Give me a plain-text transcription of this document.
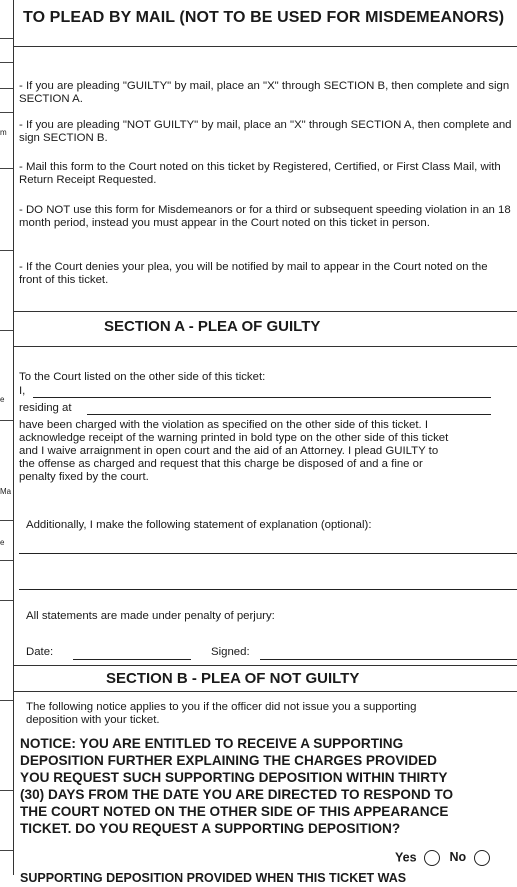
m
e
Ma
e
TO PLEAD BY MAIL (NOT TO BE USED FOR MISDEMEANORS)
- If you are pleading "GUILTY" by mail, place an "X" through SECTION B, then complete and sign SECTION A.
- If you are pleading "NOT GUILTY" by mail, place an "X" through SECTION A, then complete and sign SECTION B.
- Mail this form to the Court noted on this ticket by Registered, Certified, or First Class Mail, with Return Receipt Requested.
- DO NOT use this form for Misdemeanors or for a third or subsequent speeding violation in an 18 month period, instead you must appear in the Court noted on this ticket in person.
- If the Court denies your plea, you will be notified by mail to appear in the Court noted on the front of this ticket.
SECTION A - PLEA OF GUILTY
To the Court listed on the other side of this ticket:
I,
residing at
have been charged with the violation as specified on the other side of this ticket. I
acknowledge receipt of the warning printed in bold type on the other side of this ticket
and I waive arraignment in open court and the aid of an Attorney. I plead GUILTY to
the offense as charged and request that this charge be disposed of and a fine or
penalty fixed by the court.
Additionally, I make the following statement of explanation (optional):
All statements are made under penalty of perjury:
Date:	Signed:
SECTION B - PLEA OF NOT GUILTY
The following notice applies to you if the officer did not issue you a supporting
deposition with your ticket.
NOTICE: YOU ARE ENTITLED TO RECEIVE A SUPPORTING
DEPOSITION FURTHER EXPLAINING THE CHARGES PROVIDED
YOU REQUEST SUCH SUPPORTING DEPOSITION WITHIN THIRTY
(30) DAYS FROM THE DATE YOU ARE DIRECTED TO RESPOND TO
THE COURT NOTED ON THE OTHER SIDE OF THIS APPEARANCE
TICKET. DO YOU REQUEST A SUPPORTING DEPOSITION?
Yes	No
SUPPORTING DEPOSITION PROVIDED WHEN THIS TICKET WAS
